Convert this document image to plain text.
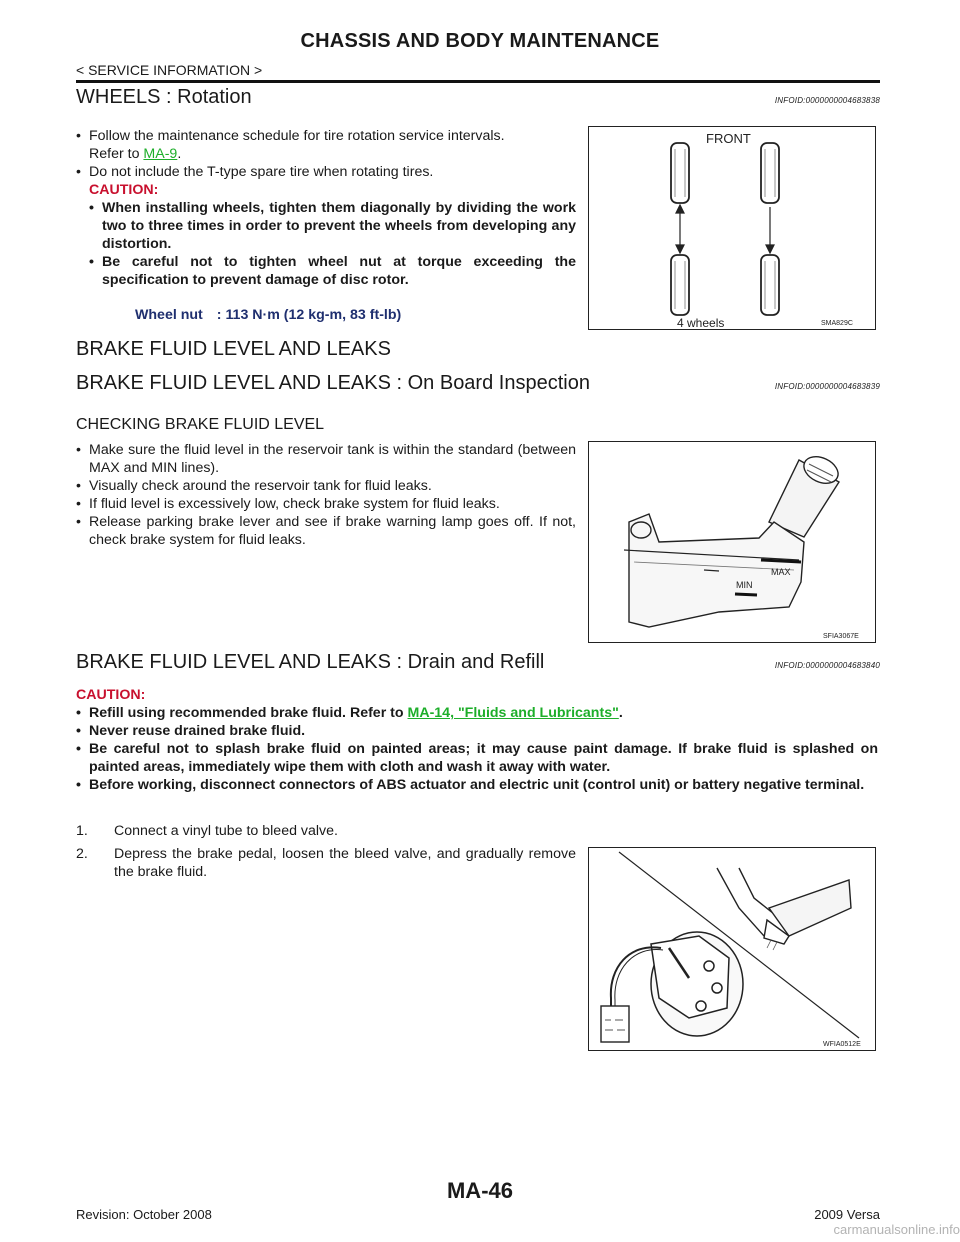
CHASSIS AND BODY MAINTENANCE
< SERVICE INFORMATION >
WHEELS : Rotation	INFOID:0000000004683838
• Follow the maintenance schedule for tire rotation service intervals.
Refer to MA-9.
• Do not include the T-type spare tire when rotating tires.
CAUTION:
• When installing wheels, tighten them diagonally by dividing the work two to three times in order to prevent the wheels from developing any distortion.
• Be careful not to tighten wheel nut at torque exceeding the specification to prevent damage of disc rotor.
Wheel nut : 113 N·m (12 kg-m, 83 ft-lb)
FRONT
4 wheels	SMA829C
BRAKE FLUID LEVEL AND LEAKS
BRAKE FLUID LEVEL AND LEAKS : On Board Inspection	INFOID:0000000004683839
CHECKING BRAKE FLUID LEVEL
• Make sure the fluid level in the reservoir tank is within the standard (between MAX and MIN lines).
• Visually check around the reservoir tank for fluid leaks.
• If fluid level is excessively low, check brake system for fluid leaks.
• Release parking brake lever and see if brake warning lamp goes off. If not, check brake system for fluid leaks.
MAX
MIN
SFIA3067E
BRAKE FLUID LEVEL AND LEAKS : Drain and Refill	INFOID:0000000004683840
CAUTION:
• Refill using recommended brake fluid. Refer to MA-14, "Fluids and Lubricants".
• Never reuse drained brake fluid.
• Be careful not to splash brake fluid on painted areas; it may cause paint damage. If brake fluid is splashed on painted areas, immediately wipe them with cloth and wash it away with water.
• Before working, disconnect connectors of ABS actuator and electric unit (control unit) or battery negative terminal.
1. Connect a vinyl tube to bleed valve.
2. Depress the brake pedal, loosen the bleed valve, and gradually remove the brake fluid.
WFIA0512E
MA-46
Revision: October 2008	2009 Versa
carmanualsonline.info
